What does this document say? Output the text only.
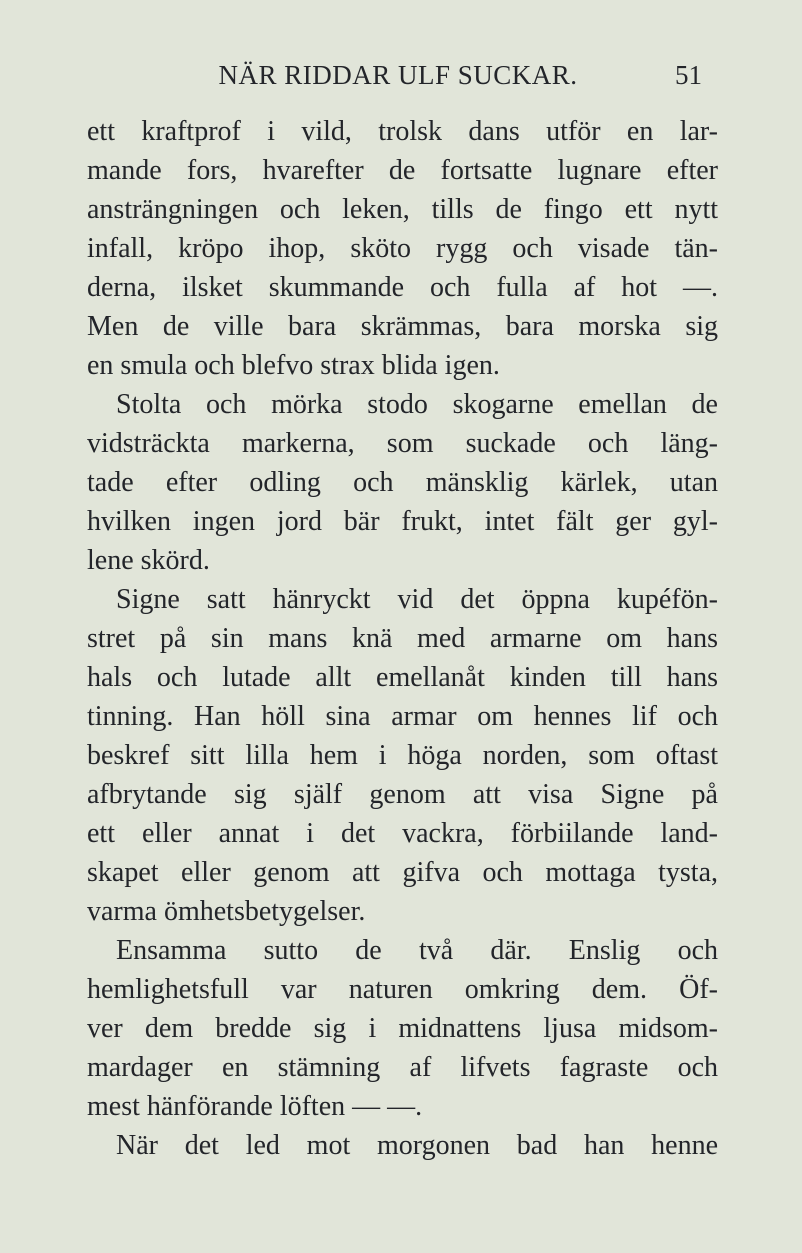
NÄR RIDDAR ULF SUCKAR.	51
ett kraftprof i vild, trolsk dans utför en lar-
mande fors, hvarefter de fortsatte lugnare efter
ansträngningen och leken, tills de fingo ett nytt
infall, kröpo ihop, sköto rygg och visade tän-
derna, ilsket skummande och fulla af hot —.
Men de ville bara skrämmas, bara morska sig
en smula och blefvo strax blida igen.
Stolta och mörka stodo skogarne emellan de
vidsträckta markerna, som suckade och läng-
tade efter odling och mänsklig kärlek, utan
hvilken ingen jord bär frukt, intet fält ger gyl-
lene skörd.
Signe satt hänryckt vid det öppna kupéfön-
stret på sin mans knä med armarne om hans
hals och lutade allt emellanåt kinden till hans
tinning. Han höll sina armar om hennes lif och
beskref sitt lilla hem i höga norden, som oftast
afbrytande sig själf genom att visa Signe på
ett eller annat i det vackra, förbiilande land-
skapet eller genom att gifva och mottaga tysta,
varma ömhetsbetygelser.
Ensamma sutto de två där. Enslig och
hemlighetsfull var naturen omkring dem. Öf-
ver dem bredde sig i midnattens ljusa midsom-
mardager en stämning af lifvets fagraste och
mest hänförande löften — —.
När det led mot morgonen bad han henne
